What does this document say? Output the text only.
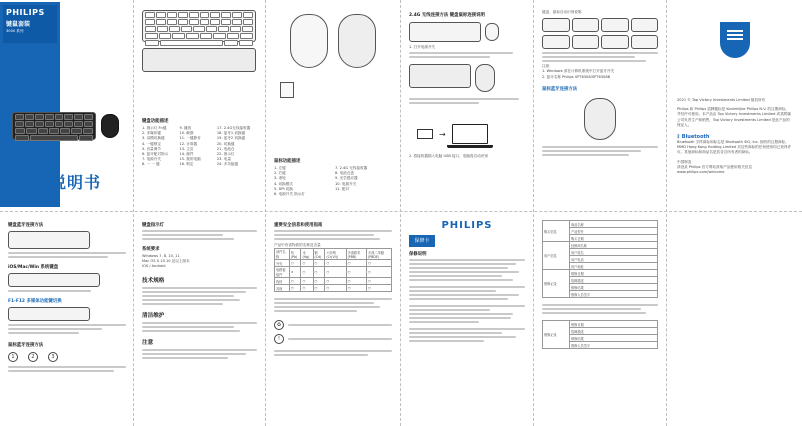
PHILIPS
键鼠套装
3000 系列
使用说明书
键盘功能描述
1. 指示灯 Fn键
2. 多媒体键
3. 双模切换键
4. 一键锁定
5. 音量调节
6. 蓝牙配对指示
7. 电源开关
8. 一 一 键
9. 播放
10. 截图
11. 一键静音
12. 计算器
13. 主页
14. 邮件
15. 我的电脑
16. 锁定
17. 2.4G无线接收器
18. 蓝牙1 切换键
19. 蓝牙2 切换键
20. 切换键
21. 电池仓
22. 指示灯
23. 电量
24. 多功能键
鼠标功能描述
1. 左键
2. 右键
3. 滚轮
4. 切换模式
5. DPI 切换
6. 电源开关 指示灯
7. 2.4G 无线接收器
8. 电池仓盖
9. 光学感应器
10. 电源开关
11. 配对
2.4G 无线连接方法 键盘鼠标连接说明
1. 打开电源开关
→
2. 将接收器插入电脑 USB 接口，电脑将自动识别
键盘、鼠标自动识别说明
注意：
1. Windows 请在计算机系统中打开蓝牙开关
2. 蓝牙名称 Philips SPT6308/SPT6308B
鼠标蓝牙连接方法
2021 © Top Victory Investments Limited 版权所有
Philips 和 Philips 盾牌徽标是 Koninklijke Philips N.V. 的注册商标，并经许可使用。本产品由 Top Victory Investments Limited 或其附属公司负责生产和销售，Top Victory Investments Limited 是此产品的保证人。
ᛒ Bluetooth
Bluetooth 字样商标和标志是 Bluetooth SIG, Inc. 拥有的注册商标，MMD Hong Kong Holding Limited 对这些商标的任何使用均已获得许可。其他商标和商品名是其各自所有者的商标。
中国制造
请登录 Philips 官方网站获取产品使用相关信息
www.philips.com/welcome
键盘蓝牙连接方法
iOS/Mac/Win 系统键盘
F1-F12 多媒体功能键切换
鼠标蓝牙连接方法
1	2	3
键盘指示灯
系统要求
Windows 7, 8, 10, 11
Mac OS X 10.10 及以上版本
iOS / Android
技术规格
清洁维护
注意
重要安全信息和使用指南
产品中有害物质的名称及含量
部件名称	铅(Pb)	汞(Hg)	镉(Cd)	六价铬(Cr(VI))	多溴联苯(PBB)	多溴二苯醚(PBDE)
外壳	○	○	○	○	○	○
电路板组件	×	○	○	○	○	○
线材	○	○	○	○	○	○
其他	○	○	○	○	○	○
♻
!
PHILIPS
保修卡
保修说明
购买信息	商品名称
	产品型号
	购买日期
用户信息	经销商名称
	用户姓名
	用户电话
	用户地址
维修记录	维修日期
	故障描述
	维修结果
	维修人员签字
维修记录	维修日期
故障描述
维修结果
维修人员签字
